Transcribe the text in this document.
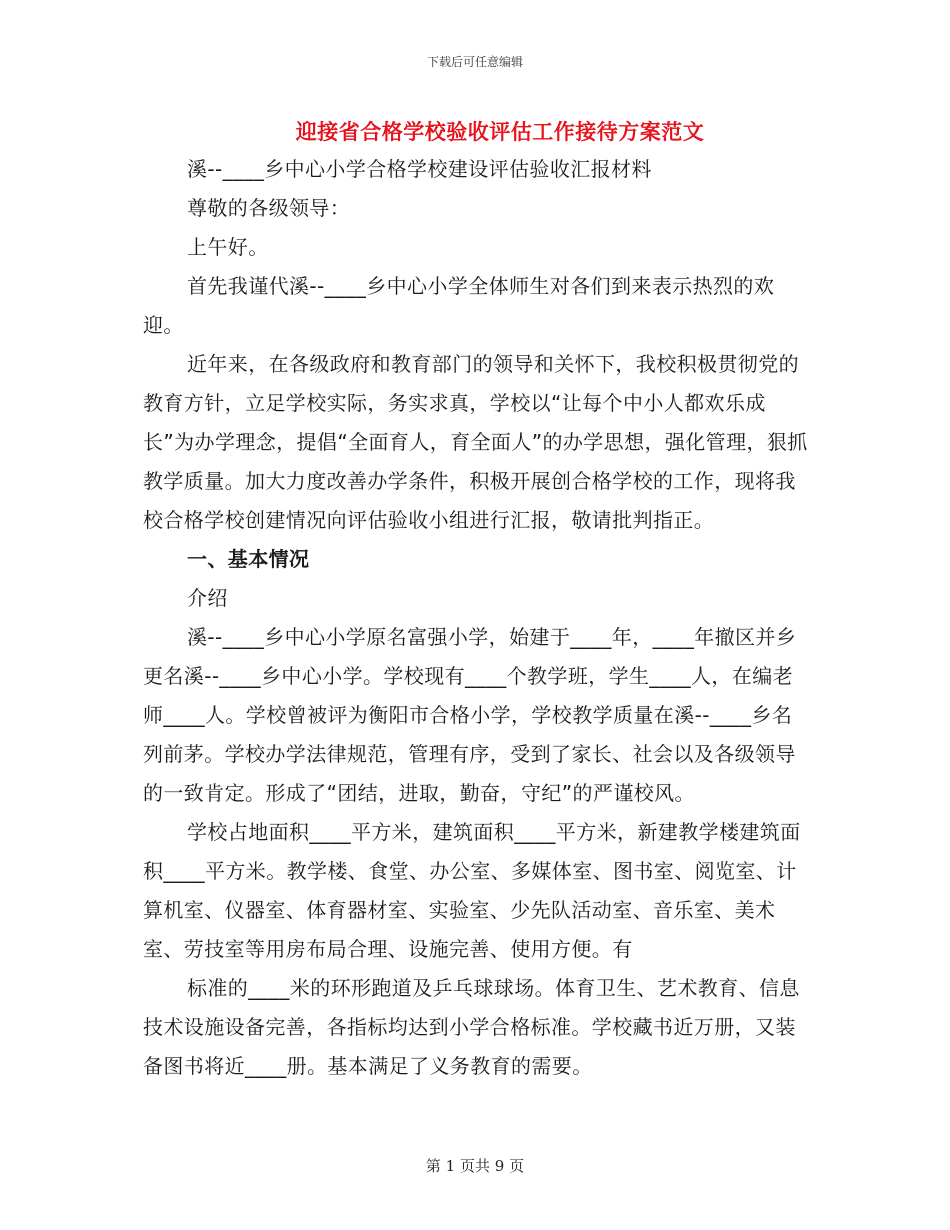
下载后可任意编辑
迎接省合格学校验收评估工作接待方案范文

溪--____乡中心小学合格学校建设评估验收汇报材料

尊敬的各级领导：

上午好。

首先我谨代溪--____乡中心小学全体师生对各们到来表示热烈的欢迎。

近年来，在各级政府和教育部门的领导和关怀下，我校积极贯彻党的教育方针，立足学校实际，务实求真，学校以“让每个中小人都欢乐成长”为办学理念，提倡“全面育人，育全面人”的办学思想，强化管理，狠抓教学质量。加大力度改善办学条件，积极开展创合格学校的工作，现将我校合格学校创建情况向评估验收小组进行汇报，敬请批判指正。

一、基本情况

介绍

溪--____乡中心小学原名富强小学，始建于____年，____年撤区并乡更名溪--____乡中心小学。学校现有____个教学班，学生____人，在编老师____人。学校曾被评为衡阳市合格小学，学校教学质量在溪--____乡名列前茅。学校办学法律规范，管理有序，受到了家长、社会以及各级领导的一致肯定。形成了“团结，进取，勤奋，守纪”的严谨校风。

学校占地面积____平方米，建筑面积____平方米，新建教学楼建筑面积____平方米。教学楼、食堂、办公室、多媒体室、图书室、阅览室、计算机室、仪器室、体育器材室、实验室、少先队活动室、音乐室、美术室、劳技室等用房布局合理、设施完善、使用方便。有

标准的____米的环形跑道及乒乓球球场。体育卫生、艺术教育、信息技术设施设备完善，各指标均达到小学合格标准。学校藏书近万册，又装备图书将近____册。基本满足了义务教育的需要。

第 1 页共 9 页
